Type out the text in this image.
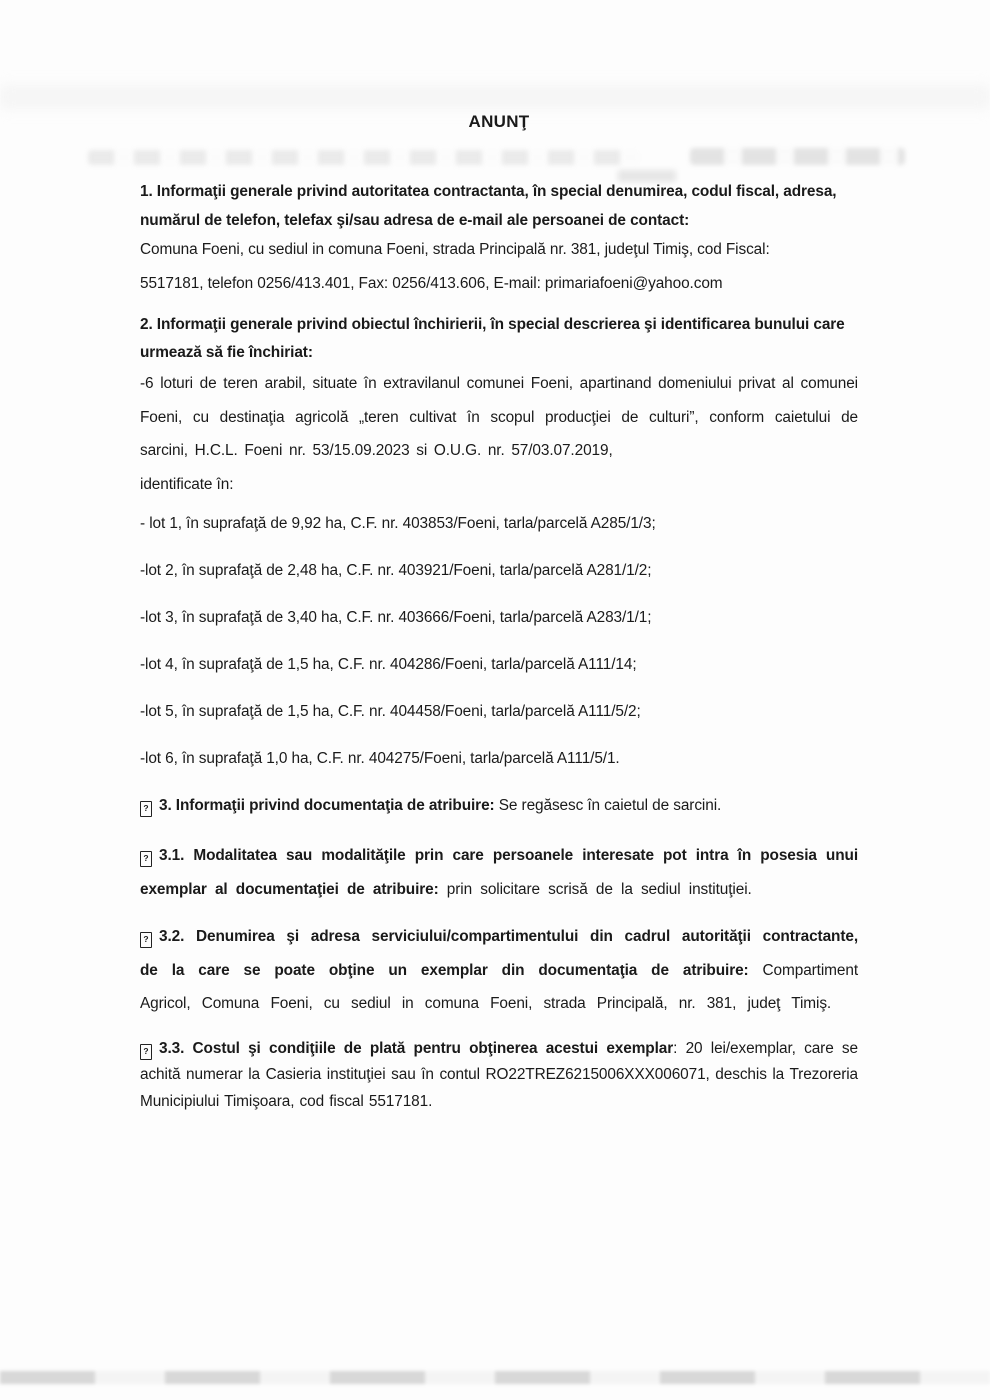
ANUNŢ

1. Informaţii generale privind autoritatea contractanta, în special denumirea, codul fiscal, adresa, numărul de telefon, telefax şi/sau adresa de e-mail ale persoanei de contact:

Comuna Foeni, cu sediul in comuna Foeni, strada Principală nr. 381, judeţul Timiş, cod Fiscal:

5517181, telefon 0256/413.401, Fax: 0256/413.606, E-mail: primariafoeni@yahoo.com

2. Informaţii generale privind obiectul închirierii, în special descrierea şi identificarea bunului care urmează să fie închiriat:

-6 loturi de teren arabil, situate în extravilanul comunei Foeni, apartinand domeniului privat al comunei Foeni, cu destinaţia agricolă „teren cultivat în scopul producţiei de culturi”, conform caietului de sarcini, H.C.L. Foeni nr. 53/15.09.2023 si O.U.G. nr. 57/03.07.2019,

identificate în:

- lot 1, în suprafaţă de 9,92 ha, C.F. nr. 403853/Foeni, tarla/parcelă A285/1/3;
-lot 2, în suprafaţă de 2,48 ha, C.F. nr. 403921/Foeni, tarla/parcelă A281/1/2;
-lot 3, în suprafaţă de 3,40 ha, C.F. nr. 403666/Foeni, tarla/parcelă A283/1/1;
-lot 4, în suprafaţă de 1,5 ha, C.F. nr. 404286/Foeni, tarla/parcelă A111/14;
-lot 5, în suprafaţă de 1,5 ha, C.F. nr. 404458/Foeni, tarla/parcelă A111/5/2;
-lot 6, în suprafaţă 1,0 ha, C.F. nr. 404275/Foeni, tarla/parcelă A111/5/1.

? 3. Informaţii privind documentaţia de atribuire: Se regăsesc în caietul de sarcini.

? 3.1. Modalitatea sau modalităţile prin care persoanele interesate pot intra în posesia unui exemplar al documentaţiei de atribuire: prin solicitare scrisă de la sediul instituţiei.

? 3.2. Denumirea şi adresa serviciului/compartimentului din cadrul autorităţii contractante, de la care se poate obţine un exemplar din documentaţia de atribuire: Compartiment Agricol, Comuna Foeni, cu sediul in comuna Foeni, strada Principală, nr. 381, judeţ Timiş.

? 3.3. Costul şi condiţiile de plată pentru obţinerea acestui exemplar: 20 lei/exemplar, care se achită numerar la Casieria instituţiei sau în contul RO22TREZ6215006XXX006071, deschis la Trezoreria Municipiului Timişoara, cod fiscal 5517181.
